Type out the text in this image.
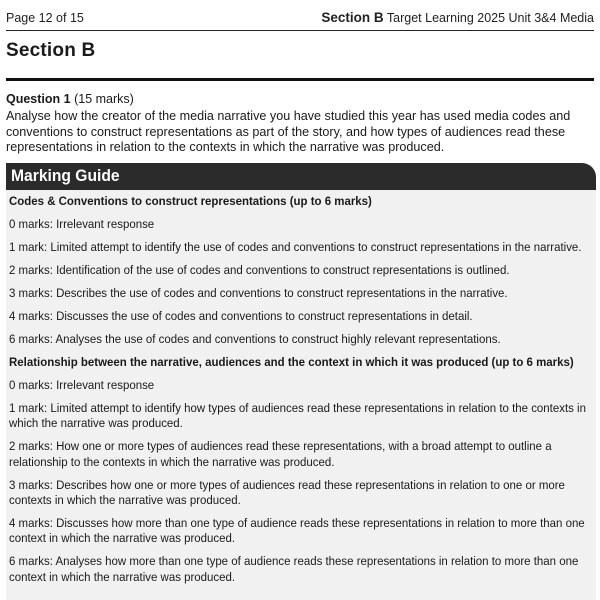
Page 12 of 15	Section B Target Learning 2025 Unit 3&4 Media
Section B
Question 1 (15 marks)
Analyse how the creator of the media narrative you have studied this year has used media codes and conventions to construct representations as part of the story, and how types of audiences read these representations in relation to the contexts in which the narrative was produced.
Marking Guide
Codes & Conventions to construct representations (up to 6 marks)
0 marks: Irrelevant response
1 mark: Limited attempt to identify the use of codes and conventions to construct representations in the narrative.
2 marks: Identification of the use of codes and conventions to construct representations is outlined.
3 marks: Describes the use of codes and conventions to construct representations in the narrative.
4 marks: Discusses the use of codes and conventions to construct representations in detail.
6 marks: Analyses the use of codes and conventions to construct highly relevant representations.
Relationship between the narrative, audiences and the context in which it was produced (up to 6 marks)
0 marks: Irrelevant response
1 mark: Limited attempt to identify how types of audiences read these representations in relation to the contexts in which the narrative was produced.
2 marks: How one or more types of audiences read these representations, with a broad attempt to outline a relationship to the contexts in which the narrative was produced.
3 marks: Describes how one or more types of audiences read these representations in relation to one or more contexts in which the narrative was produced.
4 marks: Discusses how more than one type of audience reads these representations in relation to more than one context in which the narrative was produced.
6 marks: Analyses how more than one type of audience reads these representations in relation to more than one context in which the narrative was produced.
